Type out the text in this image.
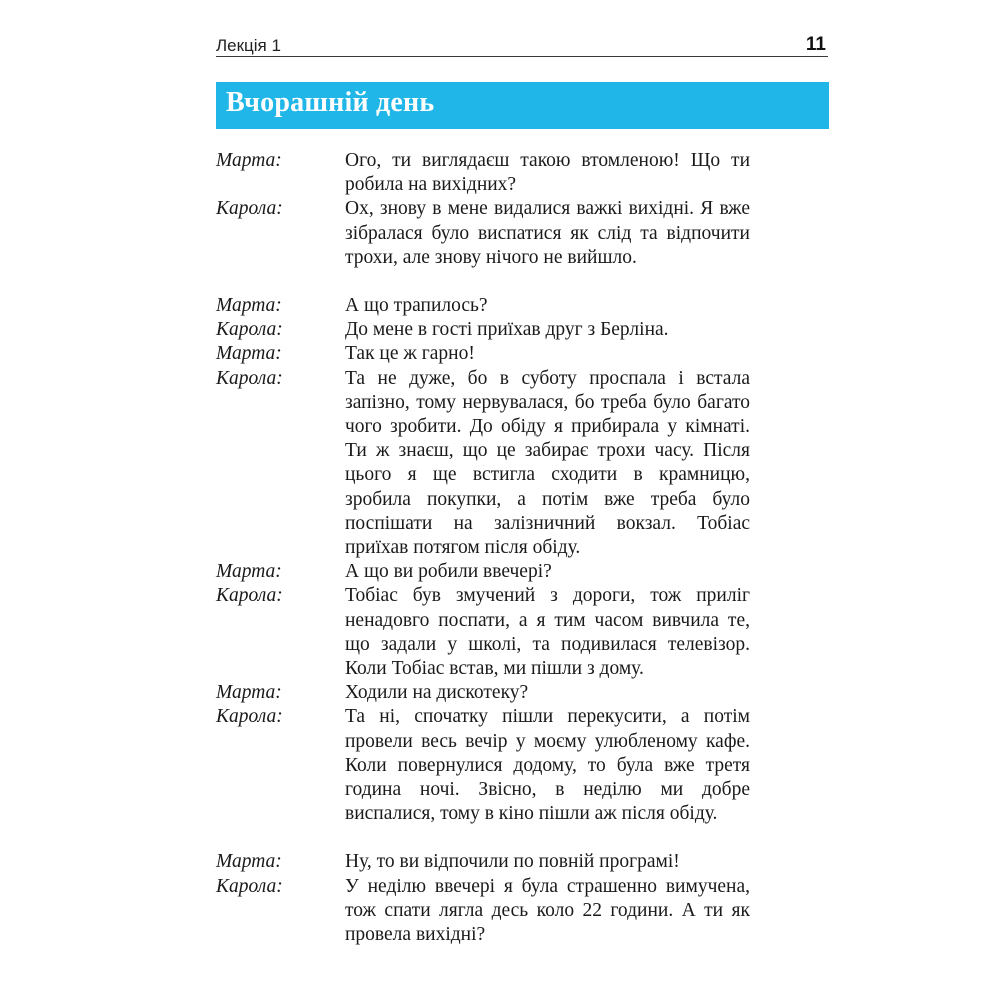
Лекція 1	11
Вчорашній день
Марта:	Ого, ти виглядаєш такою втомленою! Що ти робила на вихідних?
Карола:	Ох, знову в мене видалися важкі вихідні. Я вже зібралася було виспатися як слід та відпочити трохи, але знову нічого не вийшло.
Марта:	А що трапилось?
Карола:	До мене в гості приїхав друг з Берліна.
Марта:	Так це ж гарно!
Карола:	Та не дуже, бо в суботу проспала і встала запізно, тому нервувалася, бо треба було багато чого зробити. До обіду я прибирала у кімнаті. Ти ж знаєш, що це забирає трохи часу. Після цього я ще встигла сходити в крамницю, зробила покупки, а потім вже треба було поспішати на залізничний вокзал. Тобіас приїхав потягом після обіду.
Марта:	А що ви робили ввечері?
Карола:	Тобіас був змучений з дороги, тож приліг ненадовго поспати, а я тим часом вивчила те, що задали у школі, та подивилася телевізор. Коли Тобіас встав, ми пішли з дому.
Марта:	Ходили на дискотеку?
Карола:	Та ні, спочатку пішли перекусити, а потім провели весь вечір у моєму улюбленому кафе. Коли повернулися додому, то була вже третя година ночі. Звісно, в неділю ми добре виспалися, тому в кіно пішли аж після обіду.
Марта:	Ну, то ви відпочили по повній програмі!
Карола:	У неділю ввечері я була страшенно вимучена, тож спати лягла десь коло 22 години. А ти як провела вихідні?
